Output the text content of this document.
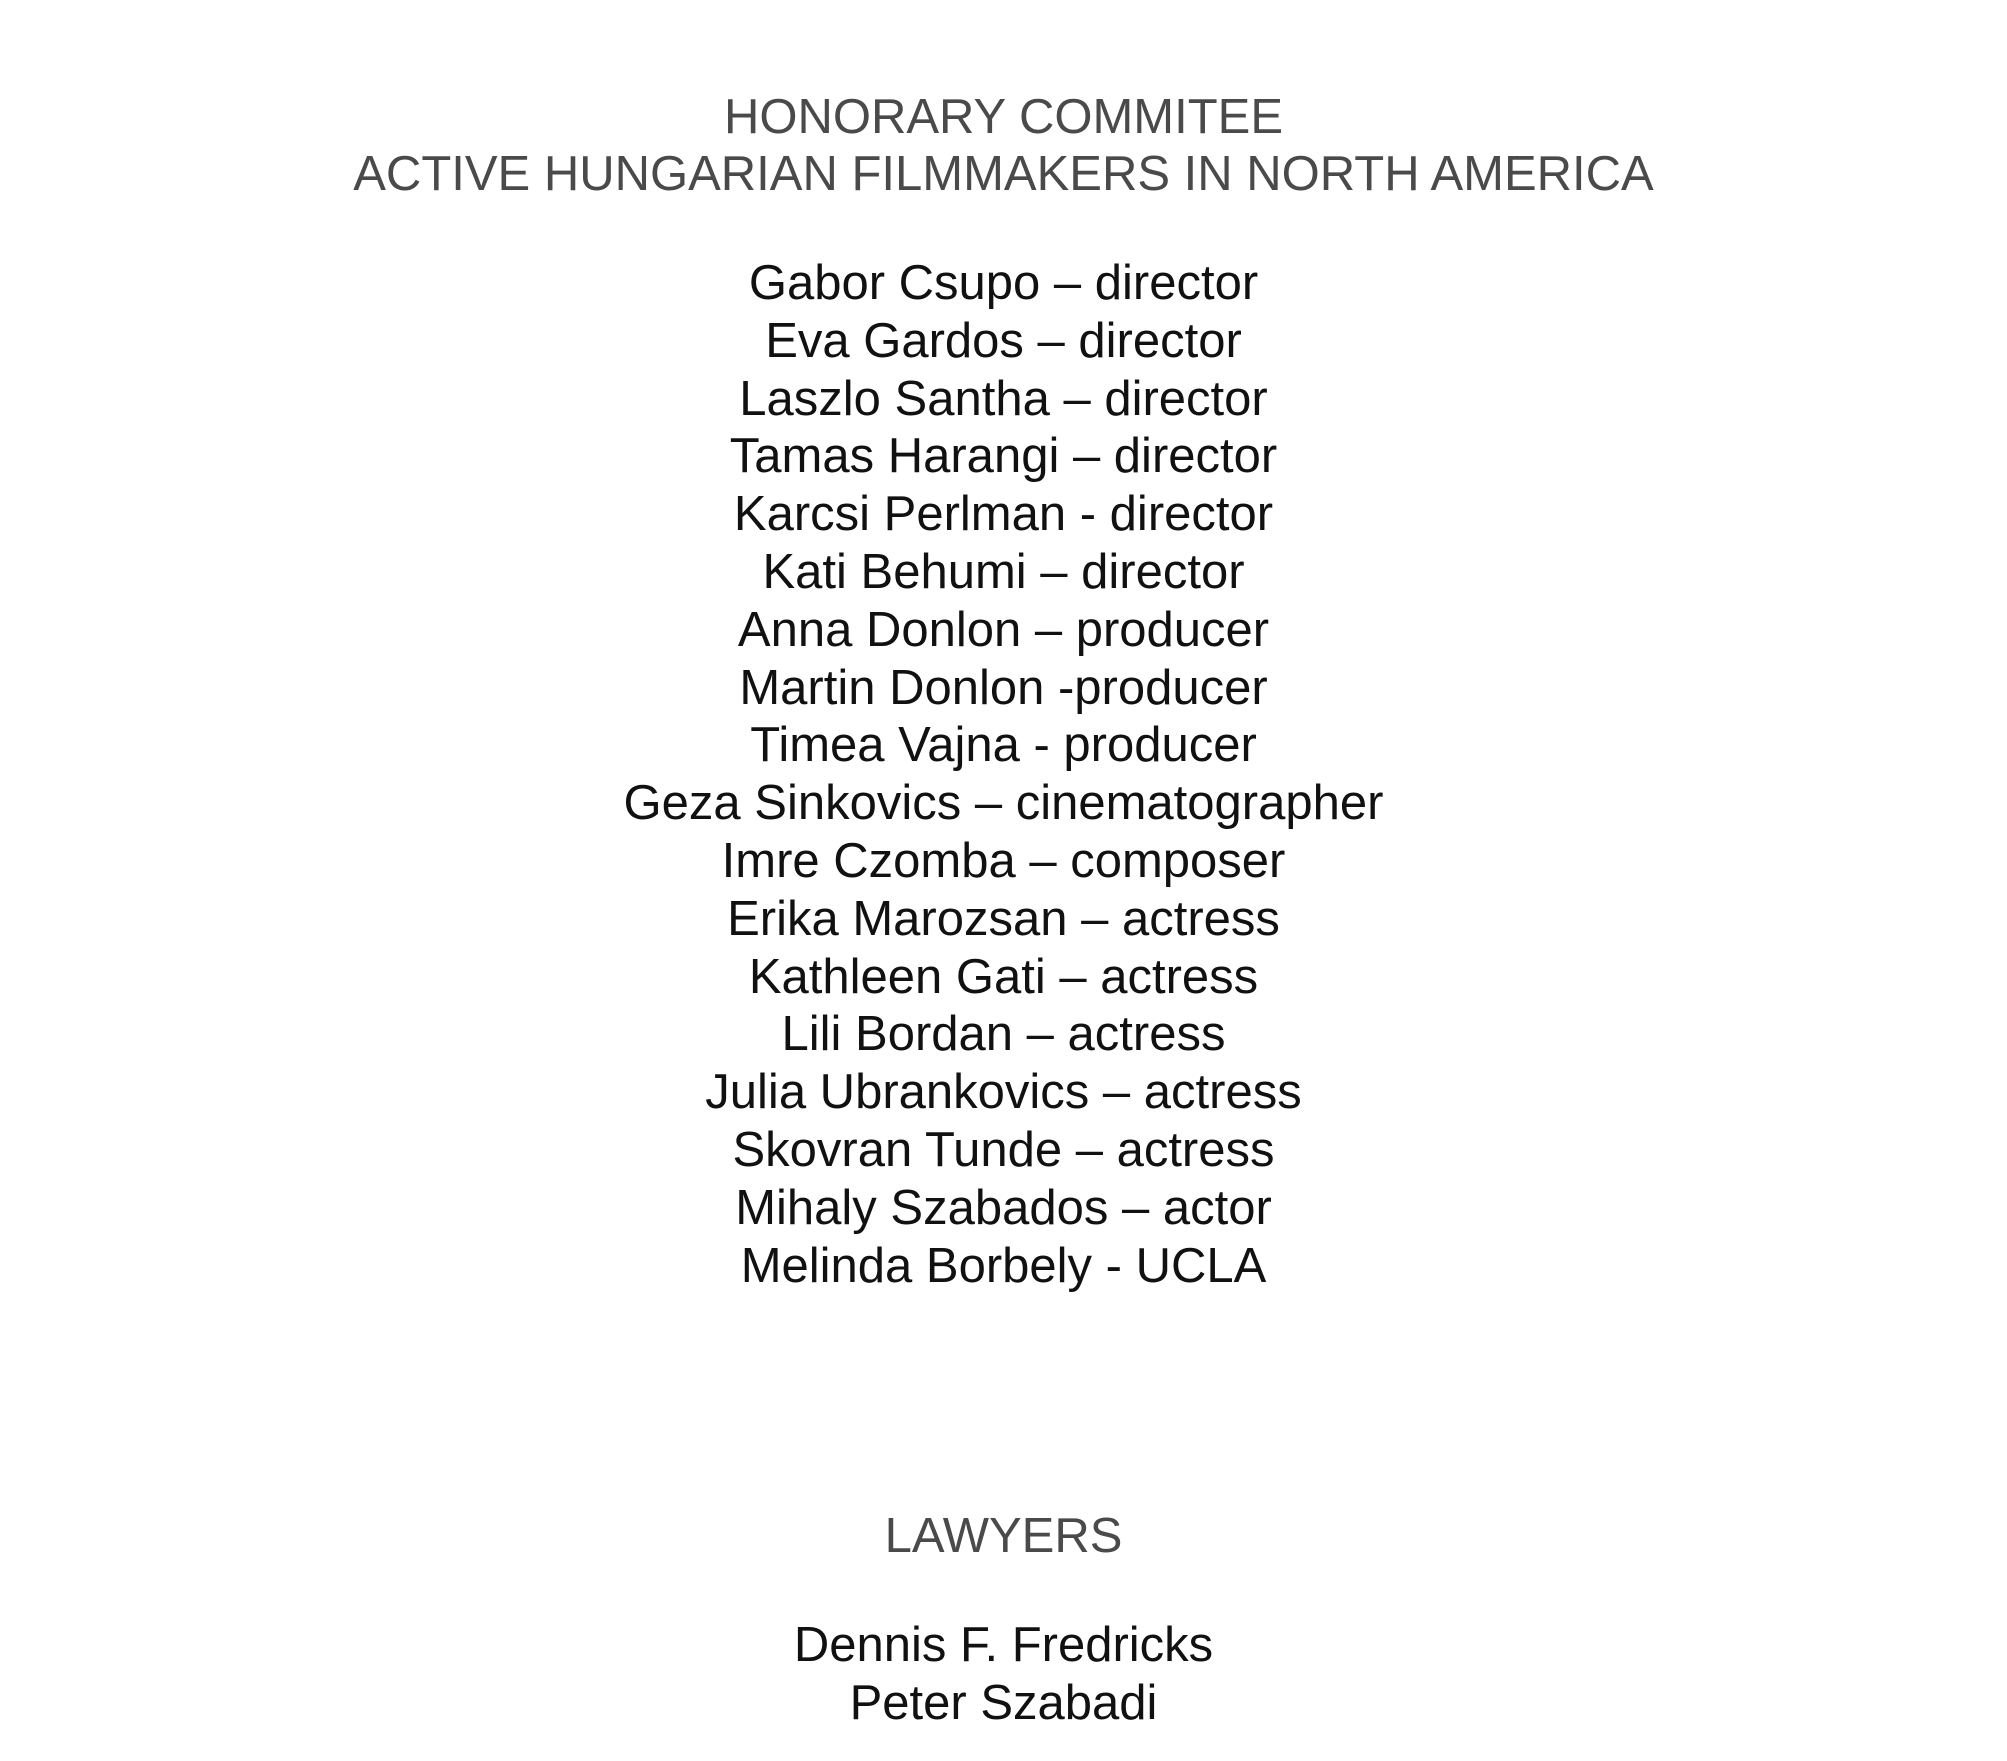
HONORARY COMMITEE
ACTIVE HUNGARIAN FILMMAKERS IN NORTH AMERICA
Gabor Csupo – director
Eva Gardos – director
Laszlo Santha – director
Tamas Harangi – director
Karcsi Perlman - director
Kati Behumi – director
Anna Donlon – producer
Martin Donlon -producer
Timea Vajna - producer
Geza Sinkovics – cinematographer
Imre Czomba – composer
Erika Marozsan – actress
Kathleen Gati – actress
Lili Bordan – actress
Julia Ubrankovics – actress
Skovran Tunde – actress
Mihaly Szabados – actor
Melinda Borbely - UCLA
LAWYERS
Dennis F. Fredricks
Peter Szabadi
